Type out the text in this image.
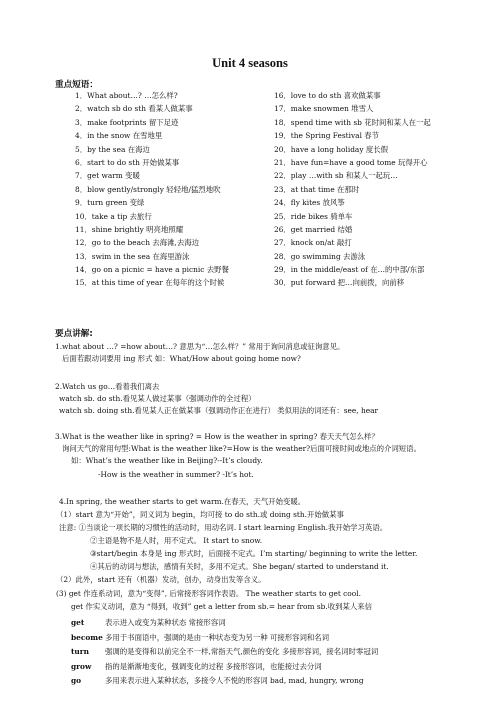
Unit 4 seasons
重点短语：
1．What about…? …怎么样?
2．watch sb do sth 看某人做某事
3．make footprints 留下足迹
4．in the snow 在雪地里
5．by the sea 在海边
6．start to do sth 开始做某事
7．get warm 变暖
8．blow gently/strongly 轻轻地/猛烈地吹
9．turn green 变绿
10．take a tip 去旅行
11．shine brightly 明亮地照耀
12．go to the beach 去海滩,去海边
13．swim in the sea 在海里游泳
14．go on a picnic = have a picnic 去野餐
15．at this time of year 在每年的这个时候
16．love to do sth 喜欢做某事
17．make snowmen 堆雪人
18．spend time with sb 花时间和某人在一起
19．the Spring Festival 春节
20．have a long holiday 度长假
21．have fun=have a good tome 玩得开心
22．play …with sb 和某人一起玩…
23．at that time 在那时
24．fly kites 放风筝
25．ride bikes 骑单车
26．get married 结婚
27．knock on/at 敲打
28．go swimming 去游泳
29．in the middle/east of 在…的中部/东部
30．put forward 把…向前拨，向前移
要点讲解:
1.what about …? =how about…? 意思为“…怎么样？” 常用于询问消息或征询意见。
后面若跟动词要用 ing 形式 如：What/How about going home now?
2.Watch us go…看着我们离去
watch sb. do sth.看见某人做过某事（强调动作的全过程）
watch sb. doing sth.看见某人正在做某事（强调动作正在进行） 类似用法的词还有：see, hear
3.What is the weather like in spring? = How is the weather in spring? 春天天气怎么样？
询问天气的常用句型:What is the weather like?=How is the weather?后面可接时间或地点的介词短语。
如：What’s the weather like in Beijing?--It’s cloudy.
-How is the weather in summer? -It’s hot.
4.In spring, the weather starts to get warm.在春天，天气开始变暖。
（1）start 意为“开始”，同义词为 begin，均可接 to do sth.或 doing sth.开始做某事
注意: ①当谈论一项长期的习惯性的活动时，用动名词. I start learning English.我开始学习英语。
②主语是物不是人时，用不定式。 It start to snow.
③start/begin 本身是 ing 形式时，后面接不定式。I’m starting/ beginning to write the letter.
④其后的动词与想法，感情有关时，多用不定式。She began/ started to understand it.
（2）此外，start 还有（机器）发动，创办，动身出发等含义。
(3) get 作连系动词，意为“变得”, 后常接形容词作表语。 The weather starts to get cool.
get 作实义动词，意为 “得到，收到” get a letter from sb.= hear from sb.收到某人来信
get	表示进入或变为某种状态 常接形容词
become 多用于书面语中，强调的是由一种状态变为另一种 可接形容词和名词
turn 强调的是变得和以前完全不一样,常指天气,颜色的变化 多接形容词，接名词时零冠词
grow 指的是渐渐地变化，强调变化的过程 多接形容词，也能接过去分词
go	多用来表示进入某种状态，多接令人不悦的形容词 bad, mad, hungry, wrong
